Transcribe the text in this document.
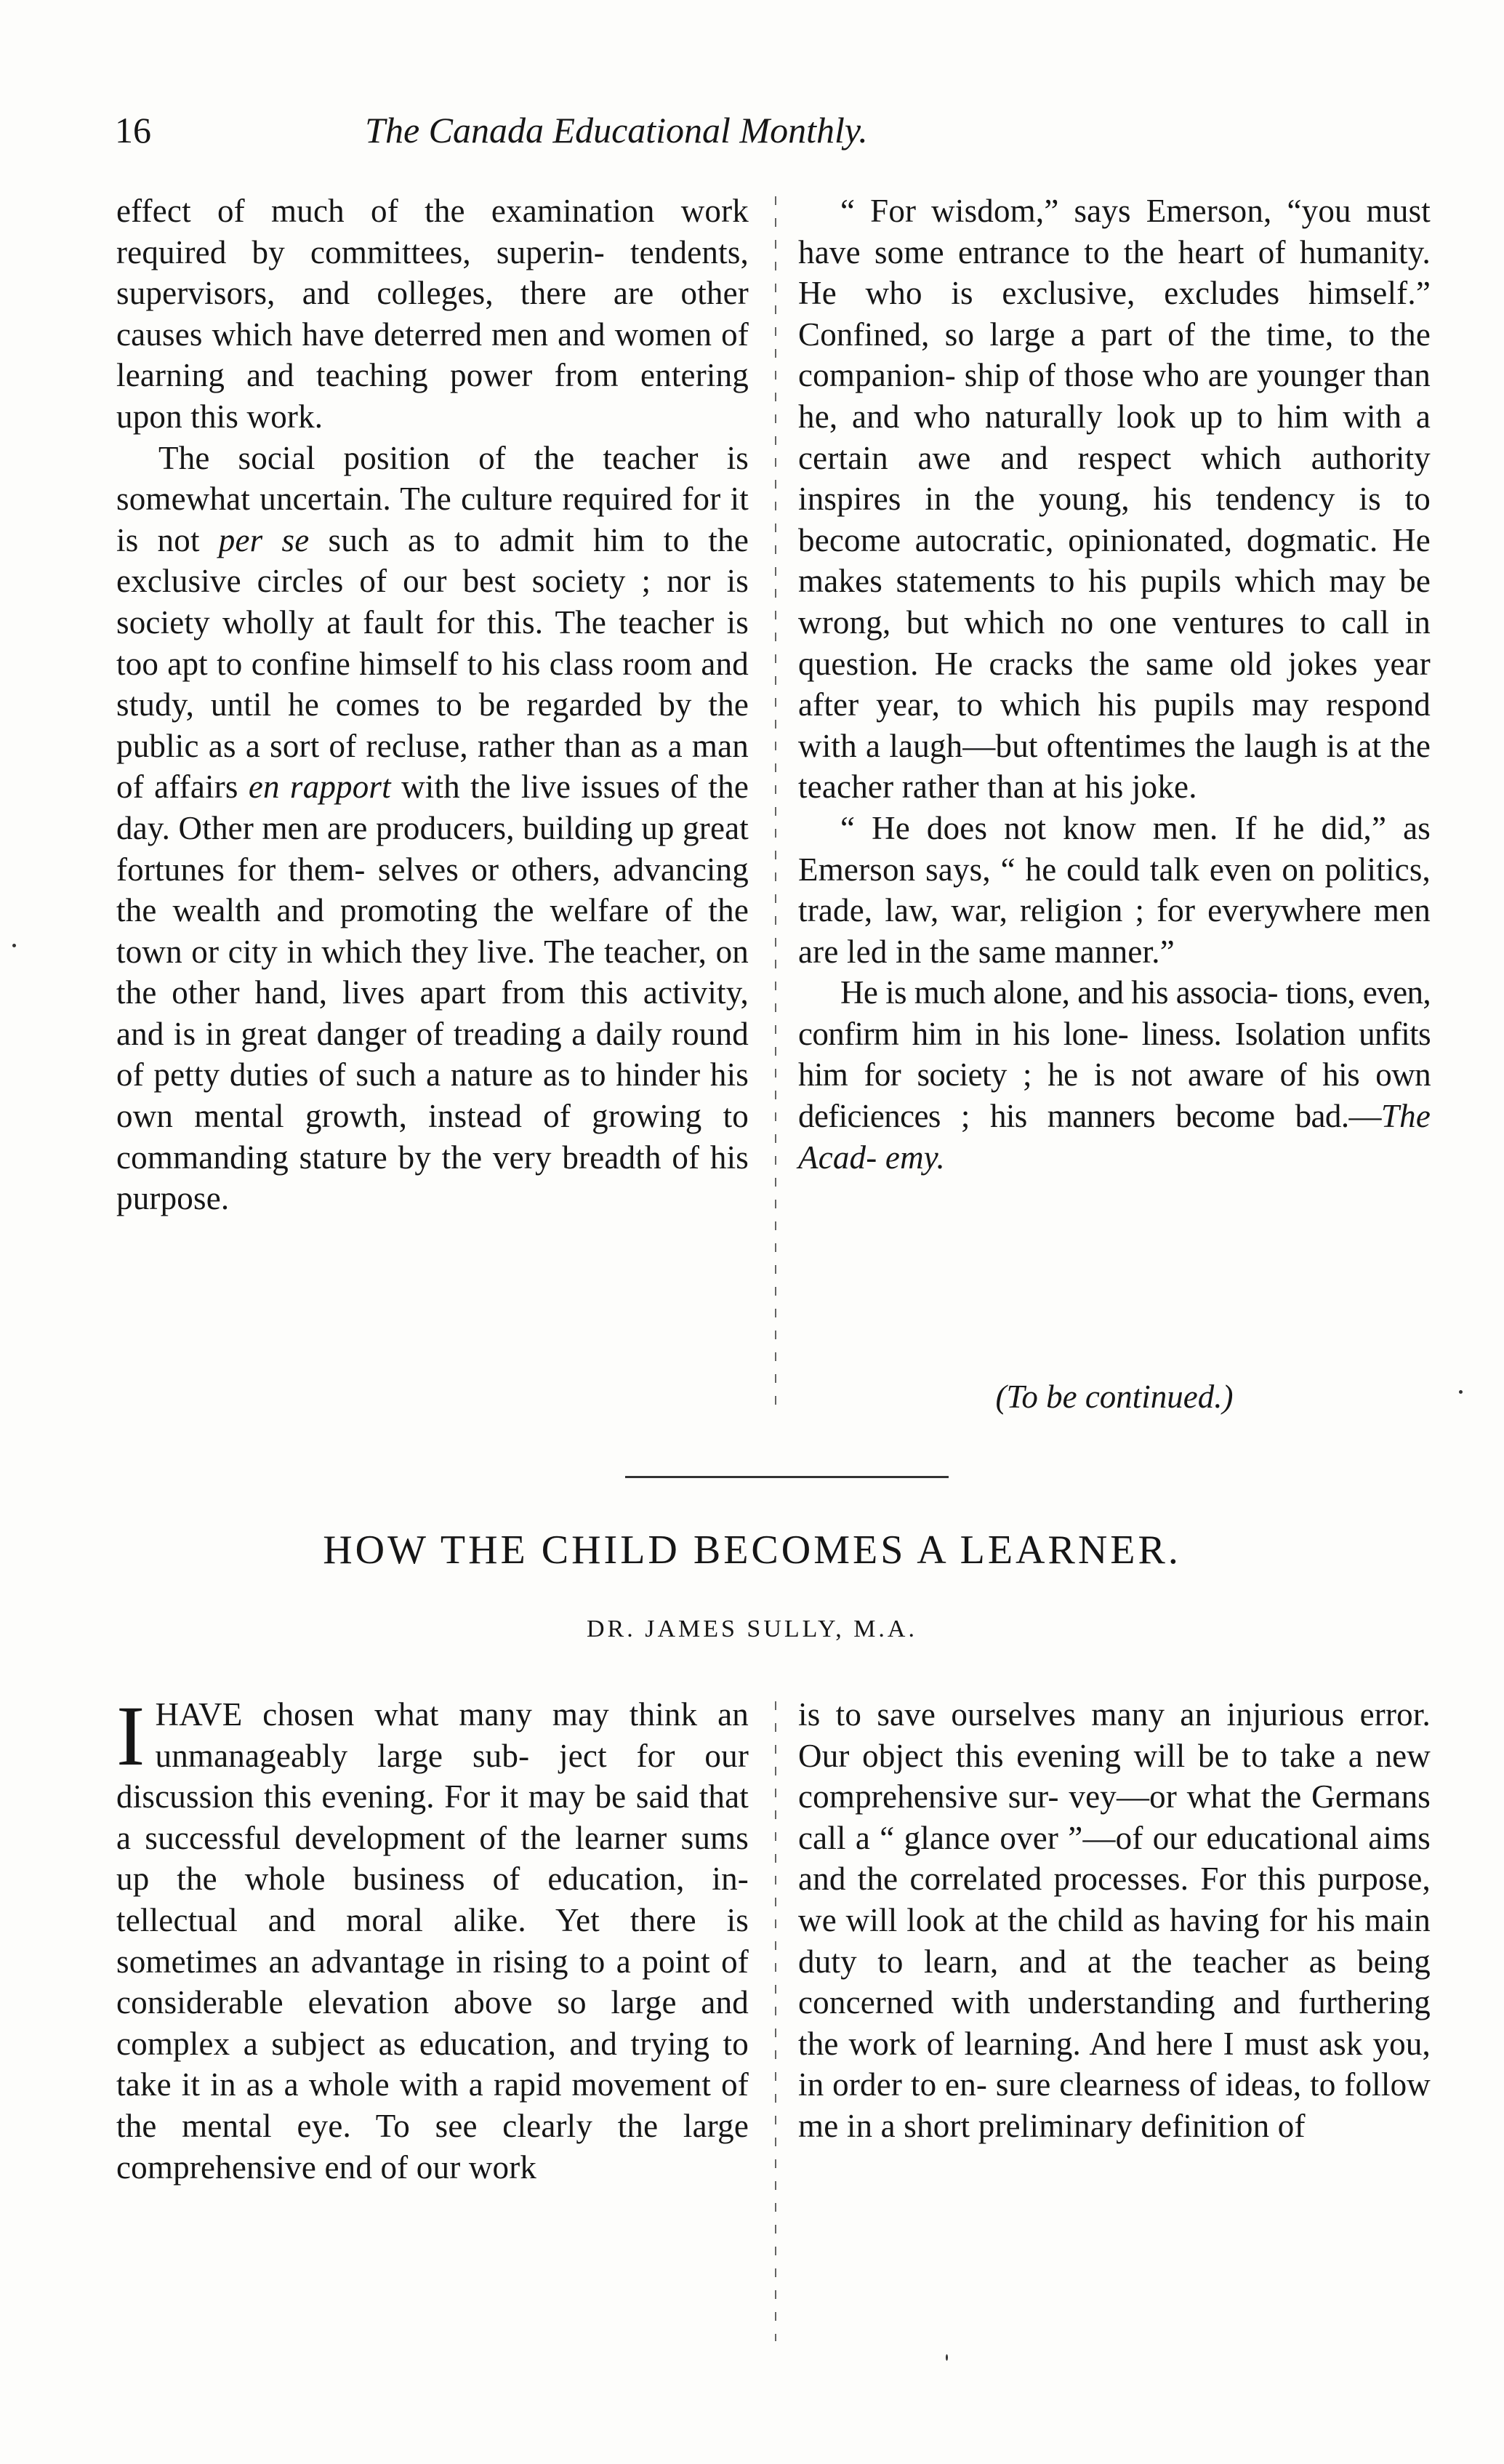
16	The Canada Educational Monthly.

effect of much of the examination work required by committees, superin- tendents, supervisors, and colleges, there are other causes which have deterred men and women of learning and teaching power from entering upon this work.

The social position of the teacher is somewhat uncertain. The culture required for it is not per se such as to admit him to the exclusive circles of our best society ; nor is society wholly at fault for this. The teacher is too apt to confine himself to his class room and study, until he comes to be regarded by the public as a sort of recluse, rather than as a man of affairs en rapport with the live issues of the day. Other men are producers, building up great fortunes for them- selves or others, advancing the wealth and promoting the welfare of the town or city in which they live. The teacher, on the other hand, lives apart from this activity, and is in great danger of treading a daily round of petty duties of such a nature as to hinder his own mental growth, instead of growing to commanding stature by the very breadth of his purpose.

“ For wisdom,” says Emerson, “you must have some entrance to the heart of humanity. He who is exclusive, excludes himself.” Confined, so large a part of the time, to the companion- ship of those who are younger than he, and who naturally look up to him with a certain awe and respect which authority inspires in the young, his tendency is to become autocratic, opinionated, dogmatic. He makes statements to his pupils which may be wrong, but which no one ventures to call in question. He cracks the same old jokes year after year, to which his pupils may respond with a laugh—but oftentimes the laugh is at the teacher rather than at his joke.

“ He does not know men. If he did,” as Emerson says, “ he could talk even on politics, trade, law, war, religion ; for everywhere men are led in the same manner.”

He is much alone, and his associa- tions, even, confirm him in his lone- liness. Isolation unfits him for society ; he is not aware of his own deficiences ; his manners become bad.—The Acad- emy.

(To be continued.)
HOW THE CHILD BECOMES A LEARNER.
DR. JAMES SULLY, M.A.

IHAVE chosen what many may think an unmanageably large sub- ject for our discussion this evening. For it may be said that a successful development of the learner sums up the whole business of education, in- tellectual and moral alike. Yet there is sometimes an advantage in rising to a point of considerable elevation above so large and complex a subject as education, and trying to take it in as a whole with a rapid movement of the mental eye. To see clearly the large comprehensive end of our work

is to save ourselves many an injurious error. Our object this evening will be to take a new comprehensive sur- vey—or what the Germans call a “ glance over ”—of our educational aims and the correlated processes. For this purpose, we will look at the child as having for his main duty to learn, and at the teacher as being concerned with understanding and furthering the work of learning. And here I must ask you, in order to en- sure clearness of ideas, to follow me in a short preliminary definition of
